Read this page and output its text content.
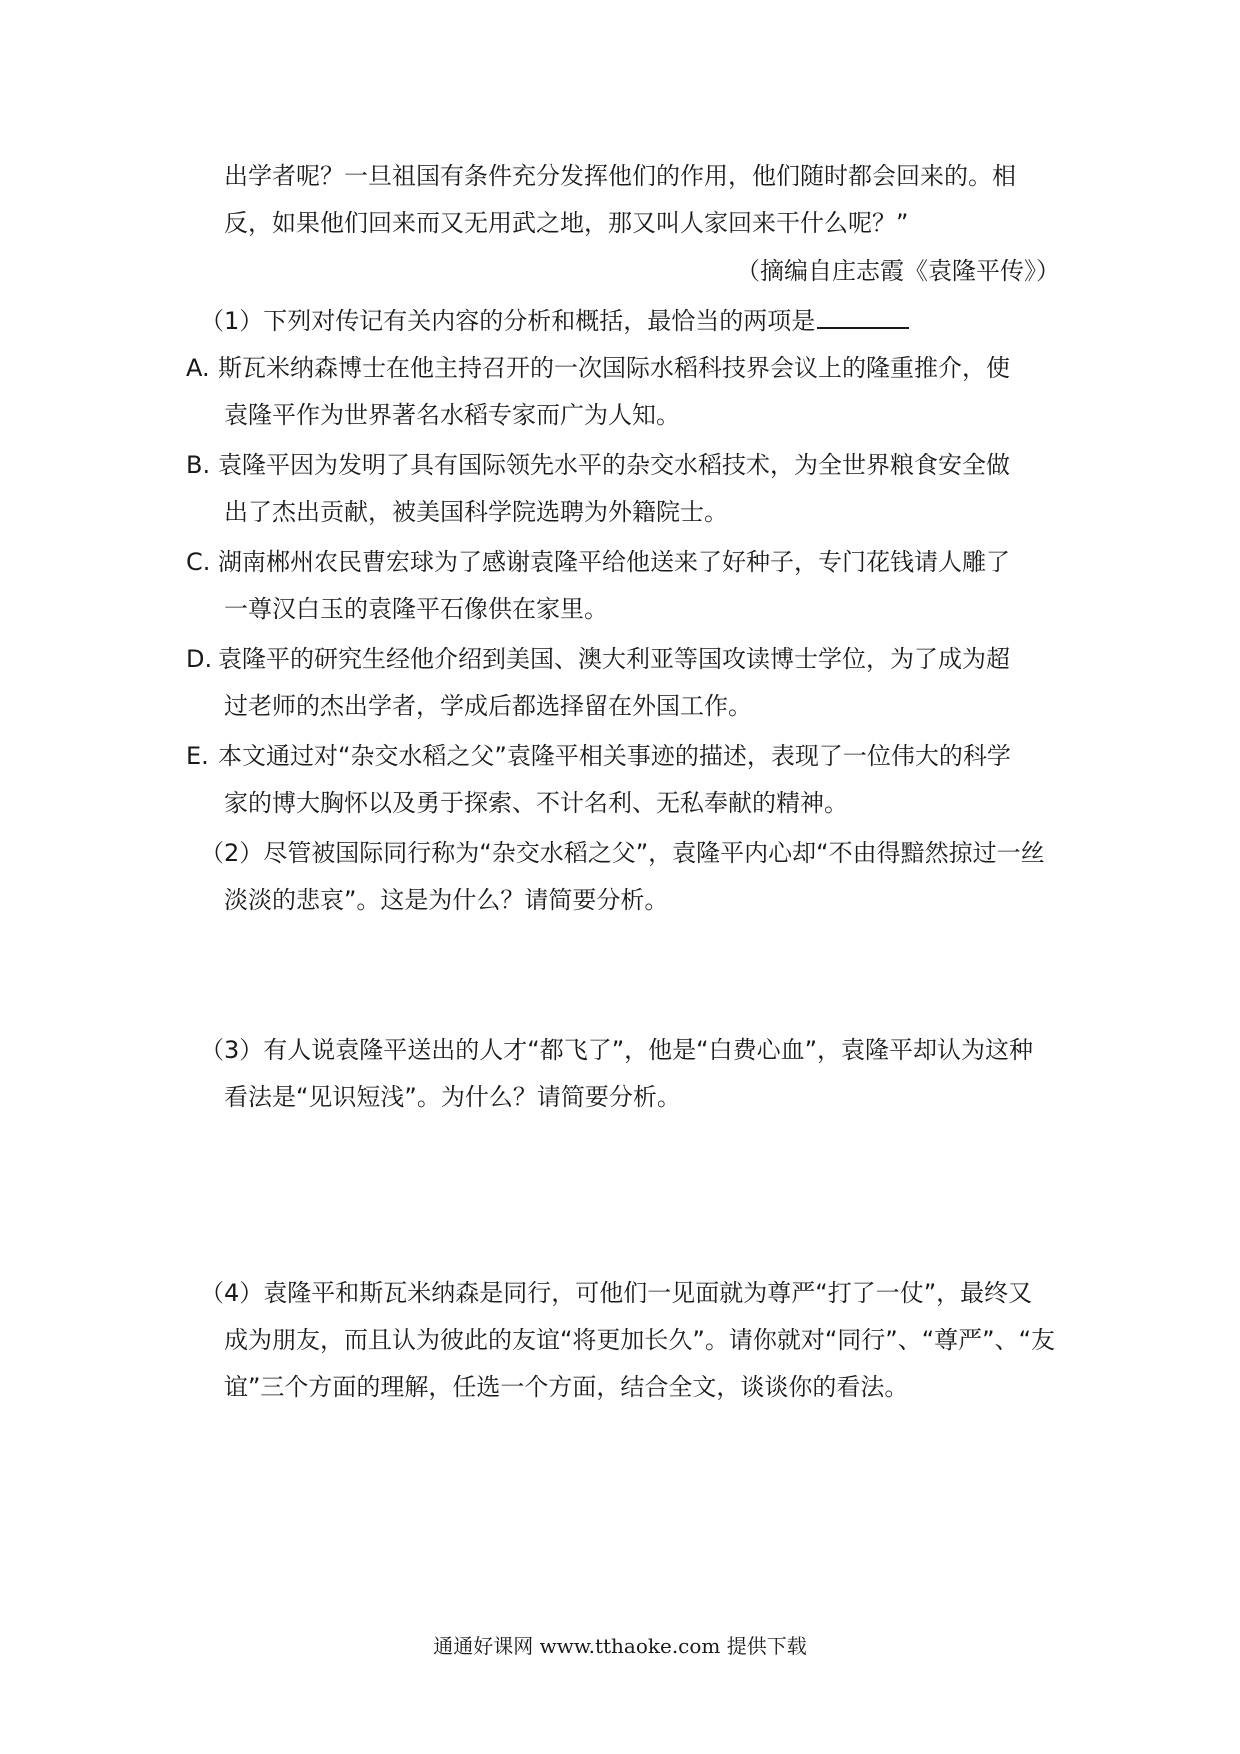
出学者呢？一旦祖国有条件充分发挥他们的作用，他们随时都会回来的。相
反，如果他们回来而又无用武之地，那又叫人家回来干什么呢？”
（摘编自庄志霞《袁隆平传》）
（1）下列对传记有关内容的分析和概括，最恰当的两项是
A. 斯瓦米纳森博士在他主持召开的一次国际水稻科技界会议上的隆重推介，使
袁隆平作为世界著名水稻专家而广为人知。
B. 袁隆平因为发明了具有国际领先水平的杂交水稻技术，为全世界粮食安全做
出了杰出贡献，被美国科学院选聘为外籍院士。
C. 湖南郴州农民曹宏球为了感谢袁隆平给他送来了好种子，专门花钱请人雕了
一尊汉白玉的袁隆平石像供在家里。
D. 袁隆平的研究生经他介绍到美国、澳大利亚等国攻读博士学位，为了成为超
过老师的杰出学者，学成后都选择留在外国工作。
E. 本文通过对“杂交水稻之父”袁隆平相关事迹的描述，表现了一位伟大的科学
家的博大胸怀以及勇于探索、不计名利、无私奉献的精神。
（2）尽管被国际同行称为“杂交水稻之父”，袁隆平内心却“不由得黯然掠过一丝
淡淡的悲哀”。这是为什么？请简要分析。
（3）有人说袁隆平送出的人才“都飞了”，他是“白费心血”，袁隆平却认为这种
看法是“见识短浅”。为什么？请简要分析。
（4）袁隆平和斯瓦米纳森是同行，可他们一见面就为尊严“打了一仗”，最终又
成为朋友，而且认为彼此的友谊“将更加长久”。请你就对“同行”、“尊严”、“友
谊”三个方面的理解，任选一个方面，结合全文，谈谈你的看法。
通通好课网 www.tthaoke.com 提供下载
